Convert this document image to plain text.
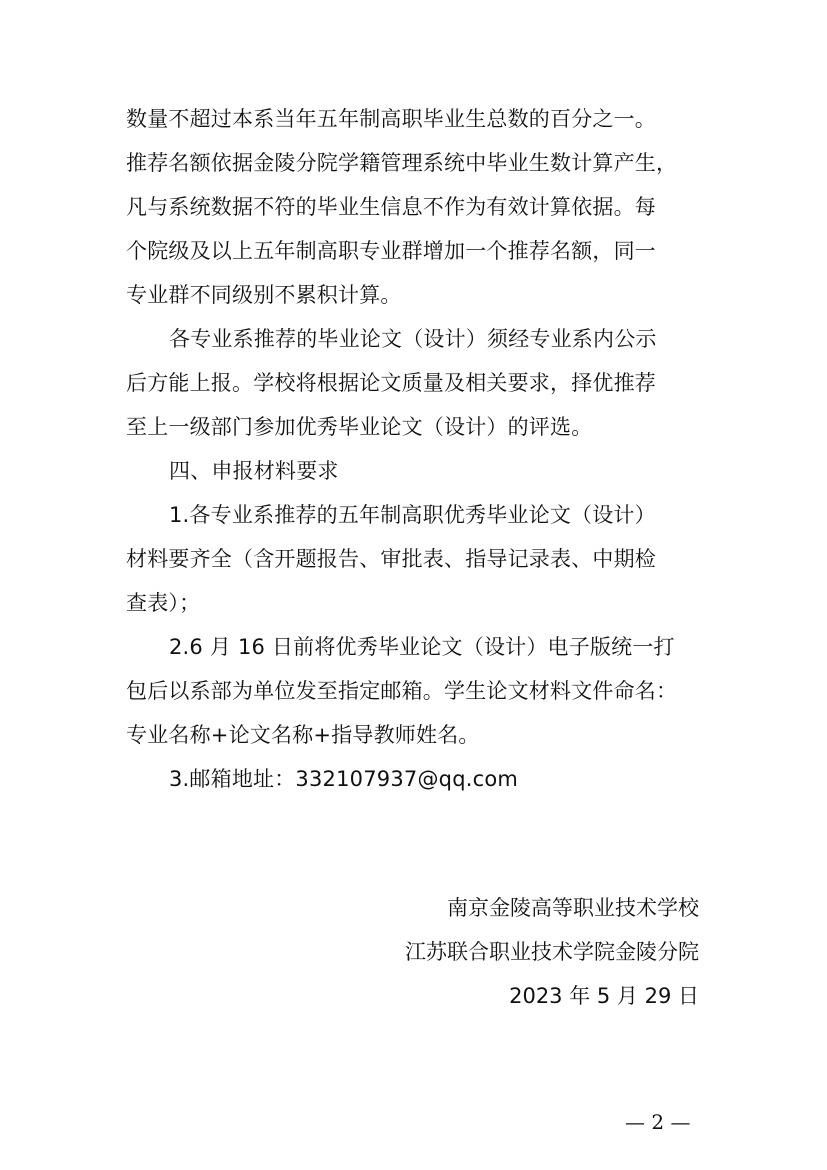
数量不超过本系当年五年制高职毕业生总数的百分之一。
推荐名额依据金陵分院学籍管理系统中毕业生数计算产生，
凡与系统数据不符的毕业生信息不作为有效计算依据。每
个院级及以上五年制高职专业群增加一个推荐名额，同一
专业群不同级别不累积计算。
各专业系推荐的毕业论文（设计）须经专业系内公示
后方能上报。学校将根据论文质量及相关要求，择优推荐
至上一级部门参加优秀毕业论文（设计）的评选。
四、申报材料要求
1.各专业系推荐的五年制高职优秀毕业论文（设计）
材料要齐全（含开题报告、审批表、指导记录表、中期检
查表）；
2.6 月 16 日前将优秀毕业论文（设计）电子版统一打
包后以系部为单位发至指定邮箱。学生论文材料文件命名：
专业名称+论文名称+指导教师姓名。
3.邮箱地址：332107937@qq.com
南京金陵高等职业技术学校
江苏联合职业技术学院金陵分院
2023 年 5 月 29 日
— 2 —
